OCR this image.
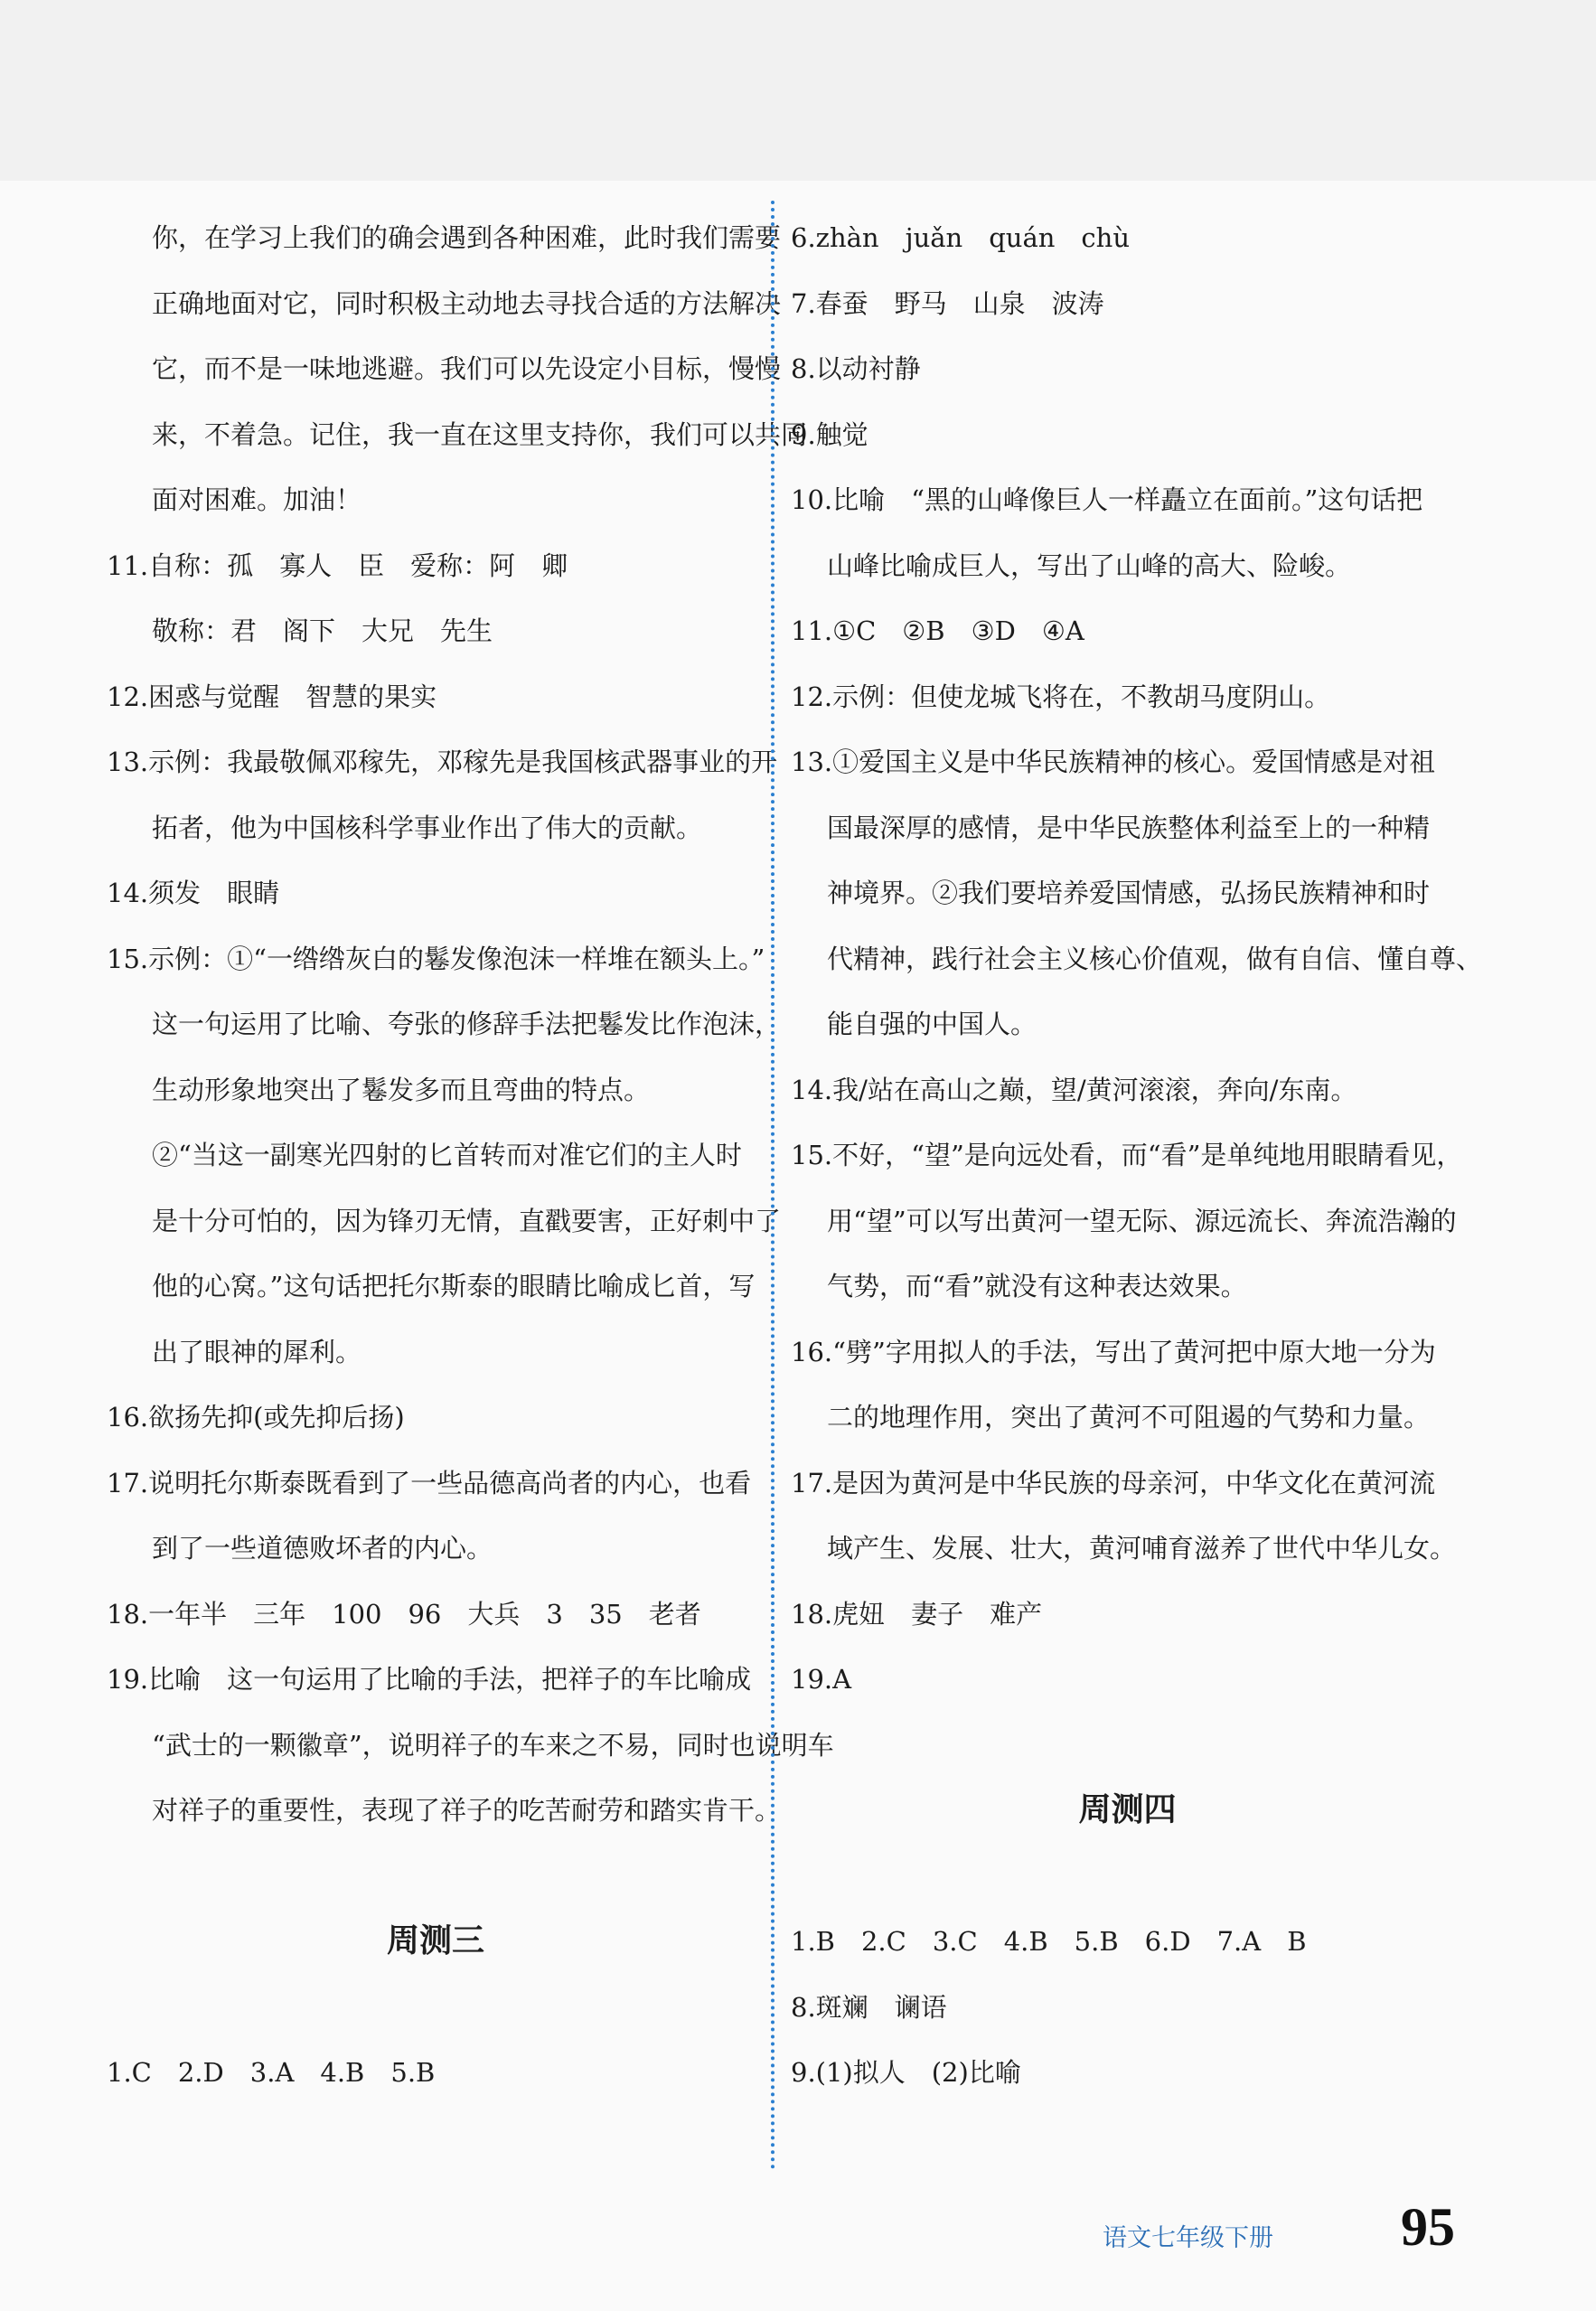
你，在学习上我们的确会遇到各种困难，此时我们需要
正确地面对它，同时积极主动地去寻找合适的方法解决
它，而不是一味地逃避。我们可以先设定小目标，慢慢
来，不着急。记住，我一直在这里支持你，我们可以共同
面对困难。加油！
11.自称：孤　寡人　臣　爱称：阿　卿
敬称：君　阁下　大兄　先生
12.困惑与觉醒　智慧的果实
13.示例：我最敬佩邓稼先，邓稼先是我国核武器事业的开
拓者，他为中国核科学事业作出了伟大的贡献。
14.须发　眼睛
15.示例：①“一绺绺灰白的鬈发像泡沫一样堆在额头上。”
这一句运用了比喻、夸张的修辞手法把鬈发比作泡沫，
生动形象地突出了鬈发多而且弯曲的特点。
②“当这一副寒光四射的匕首转而对准它们的主人时
是十分可怕的，因为锋刃无情，直戳要害，正好刺中了
他的心窝。”这句话把托尔斯泰的眼睛比喻成匕首，写
出了眼神的犀利。
16.欲扬先抑(或先抑后扬)
17.说明托尔斯泰既看到了一些品德高尚者的内心，也看
到了一些道德败坏者的内心。
18.一年半　三年　100　96　大兵　3　35　老者
19.比喻　这一句运用了比喻的手法，把祥子的车比喻成
“武士的一颗徽章”，说明祥子的车来之不易，同时也说明车
对祥子的重要性，表现了祥子的吃苦耐劳和踏实肯干。
周测三
1.C　2.D　3.A　4.B　5.B
6.zhàn　juǎn　quán　chù
7.春蚕　野马　山泉　波涛
8.以动衬静
9.触觉
10.比喻　“黑的山峰像巨人一样矗立在面前。”这句话把
山峰比喻成巨人，写出了山峰的高大、险峻。
11.①C　②B　③D　④A
12.示例：但使龙城飞将在，不教胡马度阴山。
13.①爱国主义是中华民族精神的核心。爱国情感是对祖
国最深厚的感情，是中华民族整体利益至上的一种精
神境界。②我们要培养爱国情感，弘扬民族精神和时
代精神，践行社会主义核心价值观，做有自信、懂自尊、
能自强的中国人。
14.我/站在高山之巅，望/黄河滚滚，奔向/东南。
15.不好，“望”是向远处看，而“看”是单纯地用眼睛看见，
用“望”可以写出黄河一望无际、源远流长、奔流浩瀚的
气势，而“看”就没有这种表达效果。
16.“劈”字用拟人的手法，写出了黄河把中原大地一分为
二的地理作用，突出了黄河不可阻遏的气势和力量。
17.是因为黄河是中华民族的母亲河，中华文化在黄河流
域产生、发展、壮大，黄河哺育滋养了世代中华儿女。
18.虎妞　妻子　难产
19.A
周测四
1.B　2.C　3.C　4.B　5.B　6.D　7.A　B
8.斑斓　谰语
9.(1)拟人　(2)比喻
语文七年级下册 95
